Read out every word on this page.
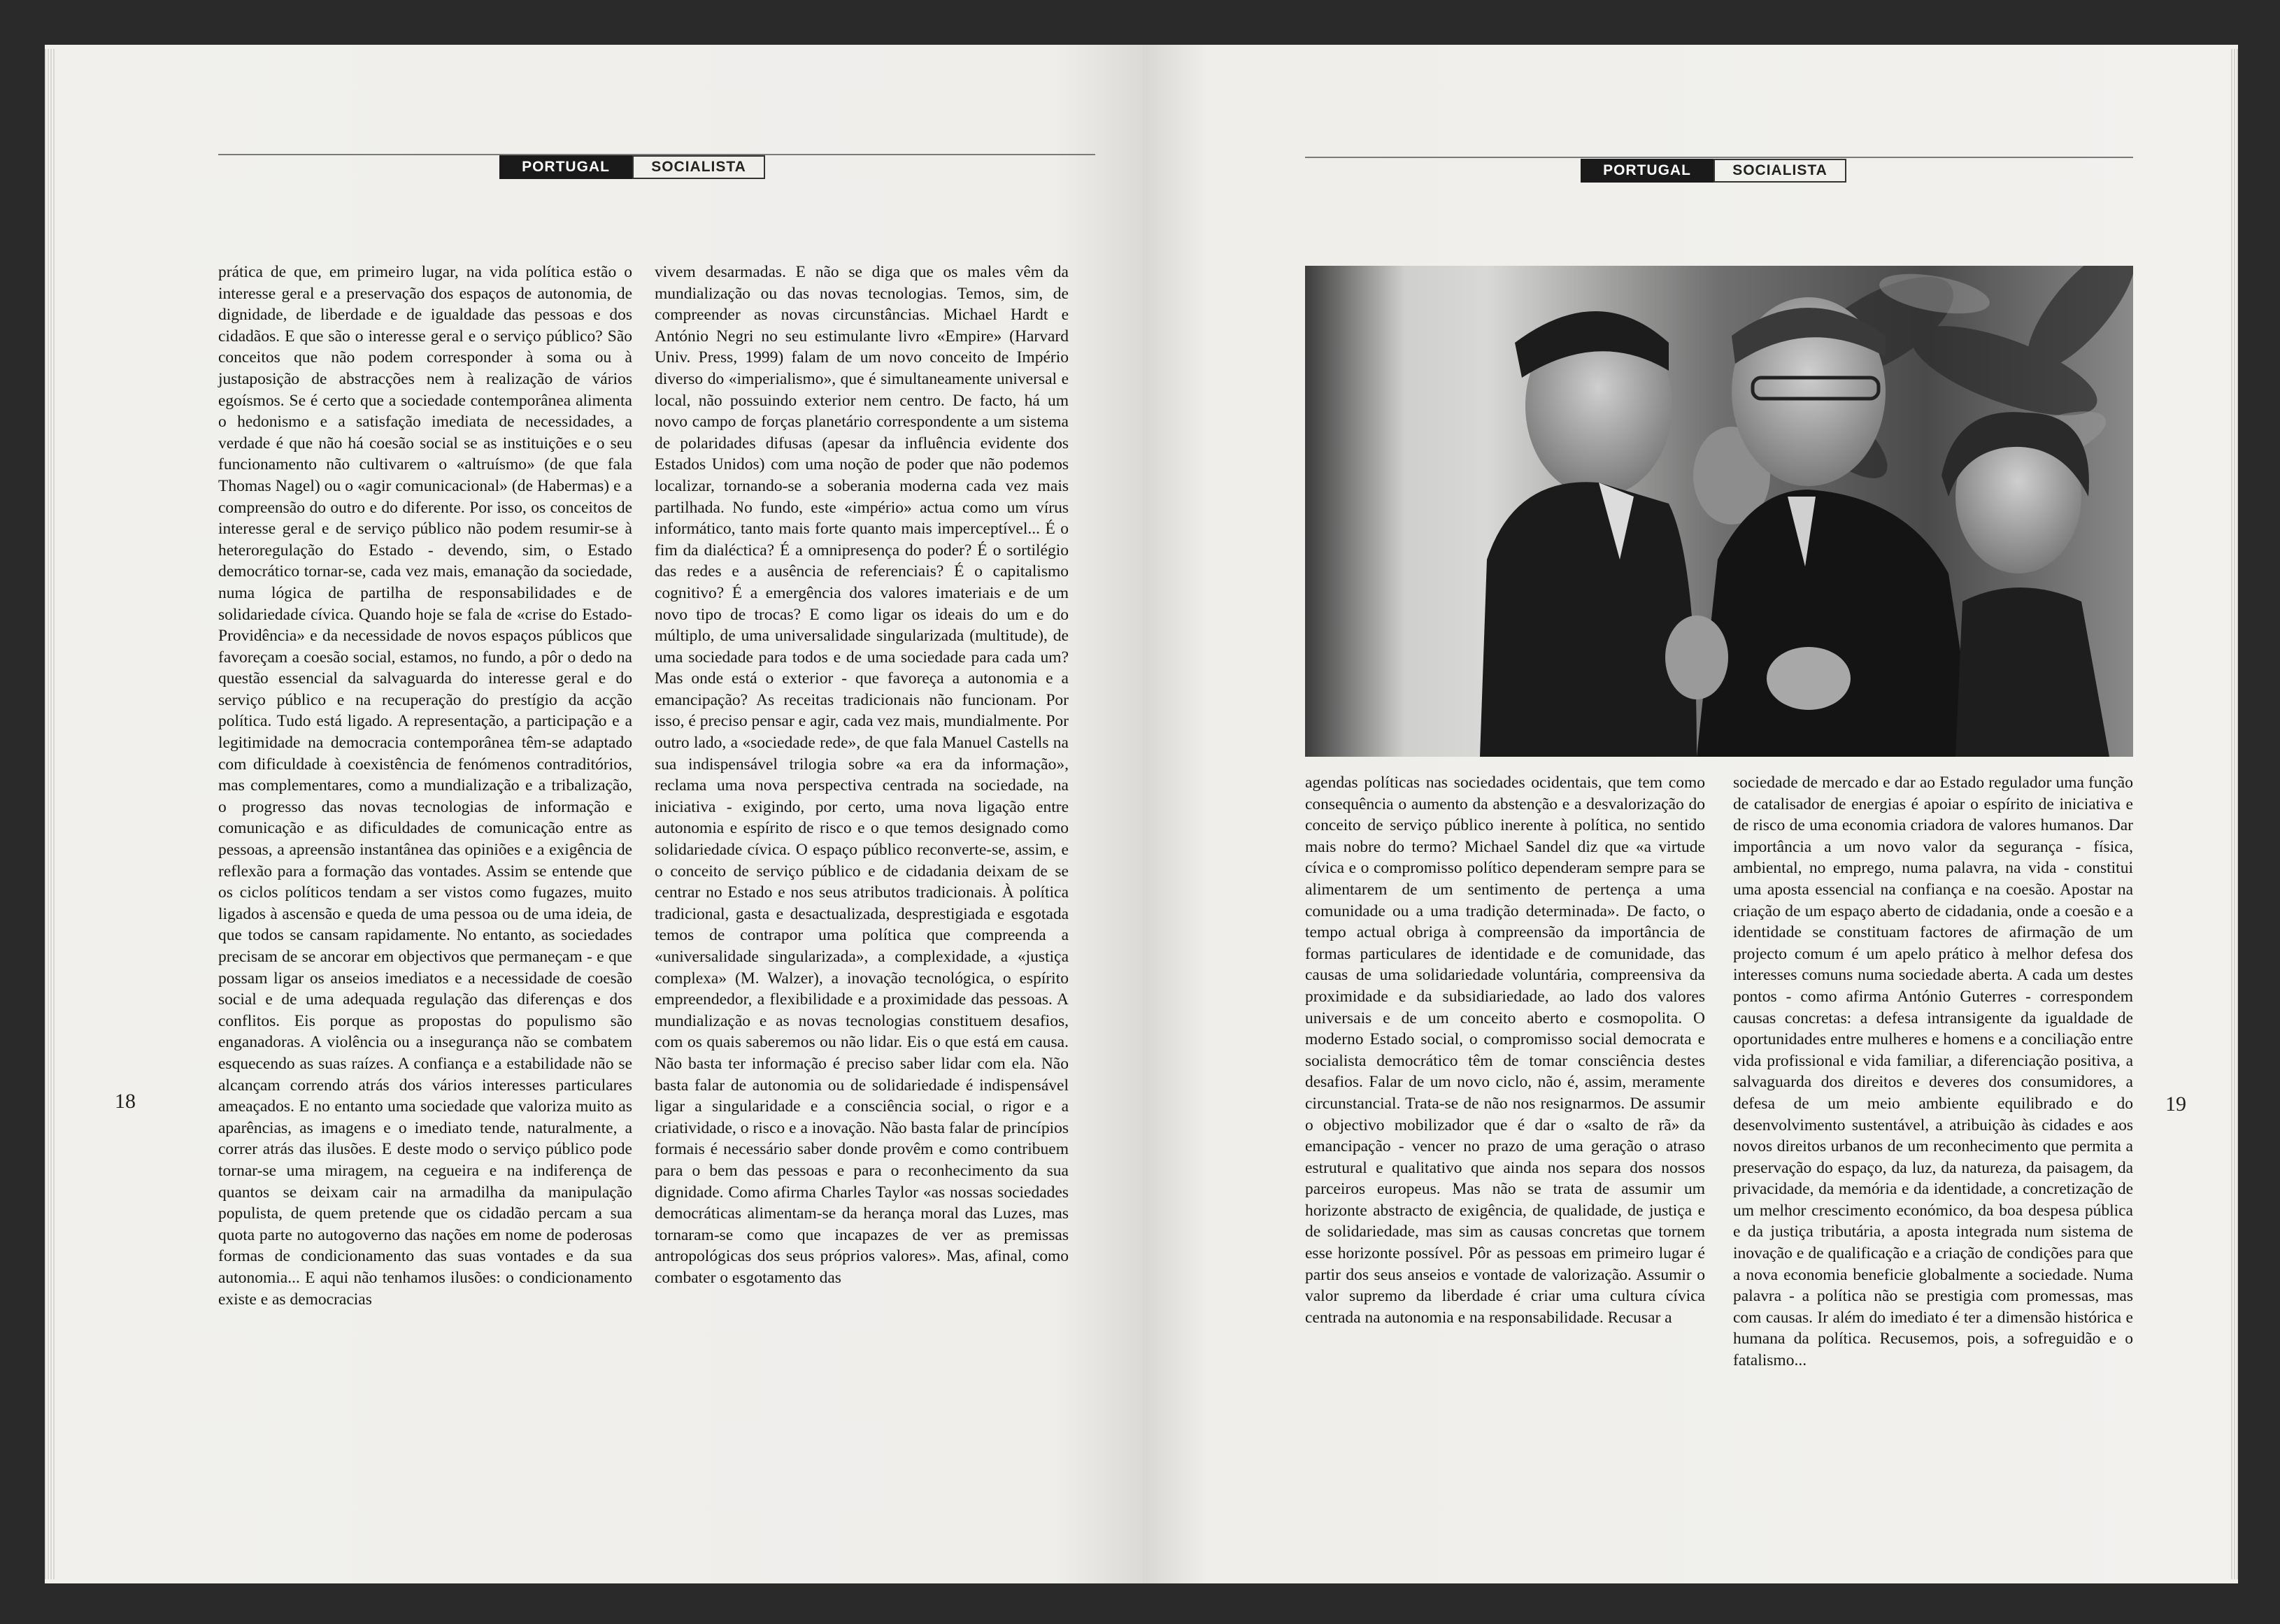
PORTUGAL	SOCIALISTA

prática de que, em primeiro lugar, na vida política estão o interesse geral e a preservação dos espaços de autonomia, de dignidade, de liberdade e de igualdade das pessoas e dos cidadãos. E que são o interesse geral e o serviço público? São conceitos que não podem corresponder à soma ou à justaposição de abstracções nem à realização de vários egoísmos. Se é certo que a sociedade contemporânea alimenta o hedonismo e a satisfação imediata de necessidades, a verdade é que não há coesão social se as instituições e o seu funcionamento não cultivarem o «altruísmo» (de que fala Thomas Nagel) ou o «agir comunicacional» (de Habermas) e a compreensão do outro e do diferente. Por isso, os conceitos de interesse geral e de serviço público não podem resumir-se à heteroregulação do Estado - devendo, sim, o Estado democrático tornar-se, cada vez mais, emanação da sociedade, numa lógica de partilha de responsabilidades e de solidariedade cívica. Quando hoje se fala de «crise do Estado-Providência» e da necessidade de novos espaços públicos que favoreçam a coesão social, estamos, no fundo, a pôr o dedo na questão essencial da salvaguarda do interesse geral e do serviço público e na recuperação do prestígio da acção política. Tudo está ligado. A representação, a participação e a legitimidade na democracia contemporânea têm-se adaptado com dificuldade à coexistência de fenómenos contraditórios, mas complementares, como a mundialização e a tribalização, o progresso das novas tecnologias de informação e comunicação e as dificuldades de comunicação entre as pessoas, a apreensão instantânea das opiniões e a exigência de reflexão para a formação das vontades. Assim se entende que os ciclos políticos tendam a ser vistos como fugazes, muito ligados à ascensão e queda de uma pessoa ou de uma ideia, de que todos se cansam rapidamente. No entanto, as sociedades precisam de se ancorar em objectivos que permaneçam - e que possam ligar os anseios imediatos e a necessidade de coesão social e de uma adequada regulação das diferenças e dos conflitos. Eis porque as propostas do populismo são enganadoras. A violência ou a insegurança não se combatem esquecendo as suas raízes. A confiança e a estabilidade não se alcançam correndo atrás dos vários interesses particulares ameaçados. E no entanto uma sociedade que valoriza muito as aparências, as imagens e o imediato tende, naturalmente, a correr atrás das ilusões. E deste modo o serviço público pode tornar-se uma miragem, na cegueira e na indiferença de quantos se deixam cair na armadilha da manipulação populista, de quem pretende que os cidadão percam a sua quota parte no autogoverno das nações em nome de poderosas formas de condicionamento das suas vontades e da sua autonomia... E aqui não tenhamos ilusões: o condicionamento existe e as democracias

vivem desarmadas. E não se diga que os males vêm da mundialização ou das novas tecnologias. Temos, sim, de compreender as novas circunstâncias. Michael Hardt e António Negri no seu estimulante livro «Empire» (Harvard Univ. Press, 1999) falam de um novo conceito de Império diverso do «imperialismo», que é simultaneamente universal e local, não possuindo exterior nem centro. De facto, há um novo campo de forças planetário correspondente a um sistema de polaridades difusas (apesar da influência evidente dos Estados Unidos) com uma noção de poder que não podemos localizar, tornando-se a soberania moderna cada vez mais partilhada. No fundo, este «império» actua como um vírus informático, tanto mais forte quanto mais imperceptível... É o fim da dialéctica? É a omnipresença do poder? É o sortilégio das redes e a ausência de referenciais? É o capitalismo cognitivo? É a emergência dos valores imateriais e de um novo tipo de trocas? E como ligar os ideais do um e do múltiplo, de uma universalidade singularizada (multitude), de uma sociedade para todos e de uma sociedade para cada um? Mas onde está o exterior - que favoreça a autonomia e a emancipação? As receitas tradicionais não funcionam. Por isso, é preciso pensar e agir, cada vez mais, mundialmente. Por outro lado, a «sociedade rede», de que fala Manuel Castells na sua indispensável trilogia sobre «a era da informação», reclama uma nova perspectiva centrada na sociedade, na iniciativa - exigindo, por certo, uma nova ligação entre autonomia e espírito de risco e o que temos designado como solidariedade cívica. O espaço público reconverte-se, assim, e o conceito de serviço público e de cidadania deixam de se centrar no Estado e nos seus atributos tradicionais. À política tradicional, gasta e desactualizada, desprestigiada e esgotada temos de contrapor uma política que compreenda a «universalidade singularizada», a complexidade, a «justiça complexa» (M. Walzer), a inovação tecnológica, o espírito empreendedor, a flexibilidade e a proximidade das pessoas. A mundialização e as novas tecnologias constituem desafios, com os quais saberemos ou não lidar. Eis o que está em causa. Não basta ter informação é preciso saber lidar com ela. Não basta falar de autonomia ou de solidariedade é indispensável ligar a singularidade e a consciência social, o rigor e a criatividade, o risco e a inovação. Não basta falar de princípios formais é necessário saber donde provêm e como contribuem para o bem das pessoas e para o reconhecimento da sua dignidade. Como afirma Charles Taylor «as nossas sociedades democráticas alimentam-se da herança moral das Luzes, mas tornaram-se como que incapazes de ver as premissas antropológicas dos seus próprios valores». Mas, afinal, como combater o esgotamento das

18
PORTUGAL	SOCIALISTA

agendas políticas nas sociedades ocidentais, que tem como consequência o aumento da abstenção e a desvalorização do conceito de serviço público inerente à política, no sentido mais nobre do termo? Michael Sandel diz que «a virtude cívica e o compromisso político dependeram sempre para se alimentarem de um sentimento de pertença a uma comunidade ou a uma tradição determinada». De facto, o tempo actual obriga à compreensão da importância de formas particulares de identidade e de comunidade, das causas de uma solidariedade voluntária, compreensiva da proximidade e da subsidiariedade, ao lado dos valores universais e de um conceito aberto e cosmopolita. O moderno Estado social, o compromisso social democrata e socialista democrático têm de tomar consciência destes desafios. Falar de um novo ciclo, não é, assim, meramente circunstancial. Trata-se de não nos resignarmos. De assumir o objectivo mobilizador que é dar o «salto de rã» da emancipação - vencer no prazo de uma geração o atraso estrutural e qualitativo que ainda nos separa dos nossos parceiros europeus. Mas não se trata de assumir um horizonte abstracto de exigência, de qualidade, de justiça e de solidariedade, mas sim as causas concretas que tornem esse horizonte possível. Pôr as pessoas em primeiro lugar é partir dos seus anseios e vontade de valorização. Assumir o valor supremo da liberdade é criar uma cultura cívica centrada na autonomia e na responsabilidade. Recusar a

sociedade de mercado e dar ao Estado regulador uma função de catalisador de energias é apoiar o espírito de iniciativa e de risco de uma economia criadora de valores humanos. Dar importância a um novo valor da segurança - física, ambiental, no emprego, numa palavra, na vida - constitui uma aposta essencial na confiança e na coesão. Apostar na criação de um espaço aberto de cidadania, onde a coesão e a identidade se constituam factores de afirmação de um projecto comum é um apelo prático à melhor defesa dos interesses comuns numa sociedade aberta. A cada um destes pontos - como afirma António Guterres - correspondem causas concretas: a defesa intransigente da igualdade de oportunidades entre mulheres e homens e a conciliação entre vida profissional e vida familiar, a diferenciação positiva, a salvaguarda dos direitos e deveres dos consumidores, a defesa de um meio ambiente equilibrado e do desenvolvimento sustentável, a atribuição às cidades e aos novos direitos urbanos de um reconhecimento que permita a preservação do espaço, da luz, da natureza, da paisagem, da privacidade, da memória e da identidade, a concretização de um melhor crescimento económico, da boa despesa pública e da justiça tributária, a aposta integrada num sistema de inovação e de qualificação e a criação de condições para que a nova economia beneficie globalmente a sociedade. Numa palavra - a política não se prestigia com promessas, mas com causas. Ir além do imediato é ter a dimensão histórica e humana da política. Recusemos, pois, a sofreguidão e o fatalismo...

19
